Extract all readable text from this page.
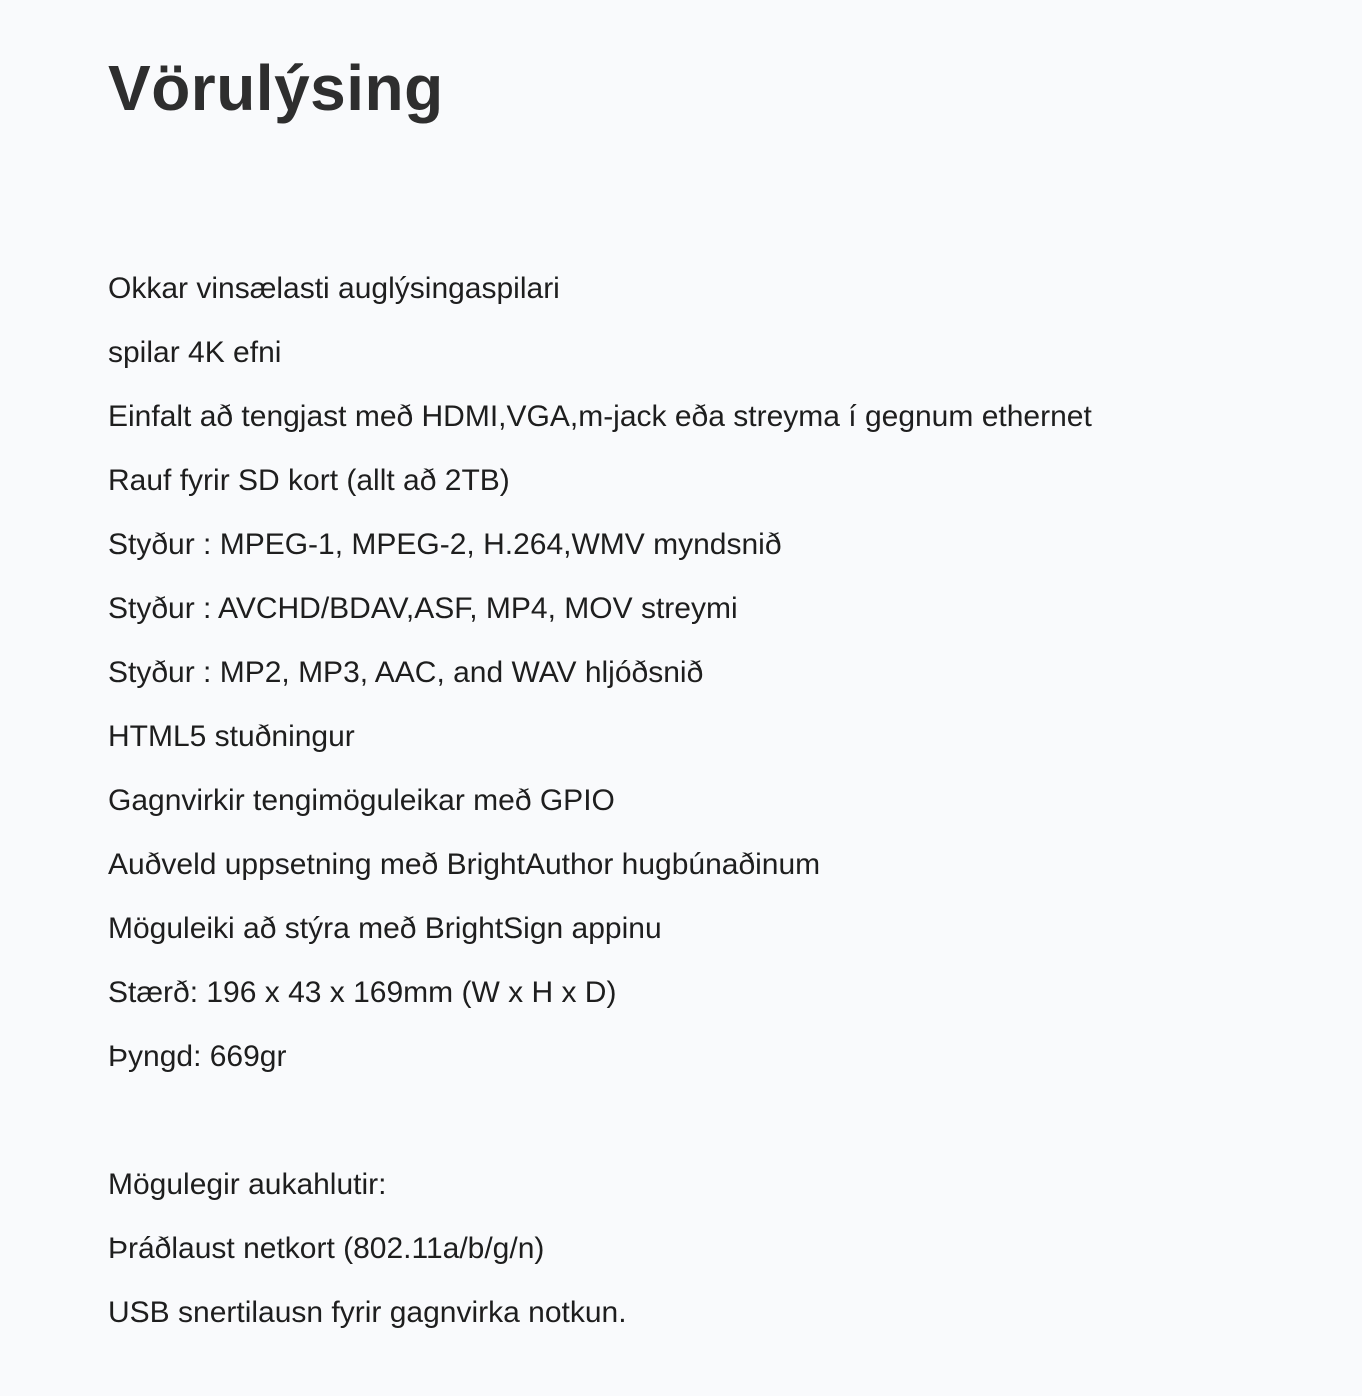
Vörulýsing
Okkar vinsælasti auglýsingaspilari
spilar 4K efni
Einfalt að tengjast með HDMI,VGA,m-jack eða streyma í gegnum ethernet
Rauf fyrir SD kort (allt að 2TB)
Styður : MPEG-1, MPEG-2, H.264,WMV myndsnið
Styður : AVCHD/BDAV,ASF, MP4, MOV streymi
Styður : MP2, MP3, AAC, and WAV hljóðsnið
HTML5 stuðningur
Gagnvirkir tengimöguleikar með GPIO
Auðveld uppsetning með BrightAuthor hugbúnaðinum
Möguleiki að stýra með BrightSign appinu
Stærð: 196 x 43 x 169mm (W x H x D)
Þyngd: 669gr
Mögulegir aukahlutir:
Þráðlaust netkort (802.11a/b/g/n)
USB snertilausn fyrir gagnvirka notkun.
